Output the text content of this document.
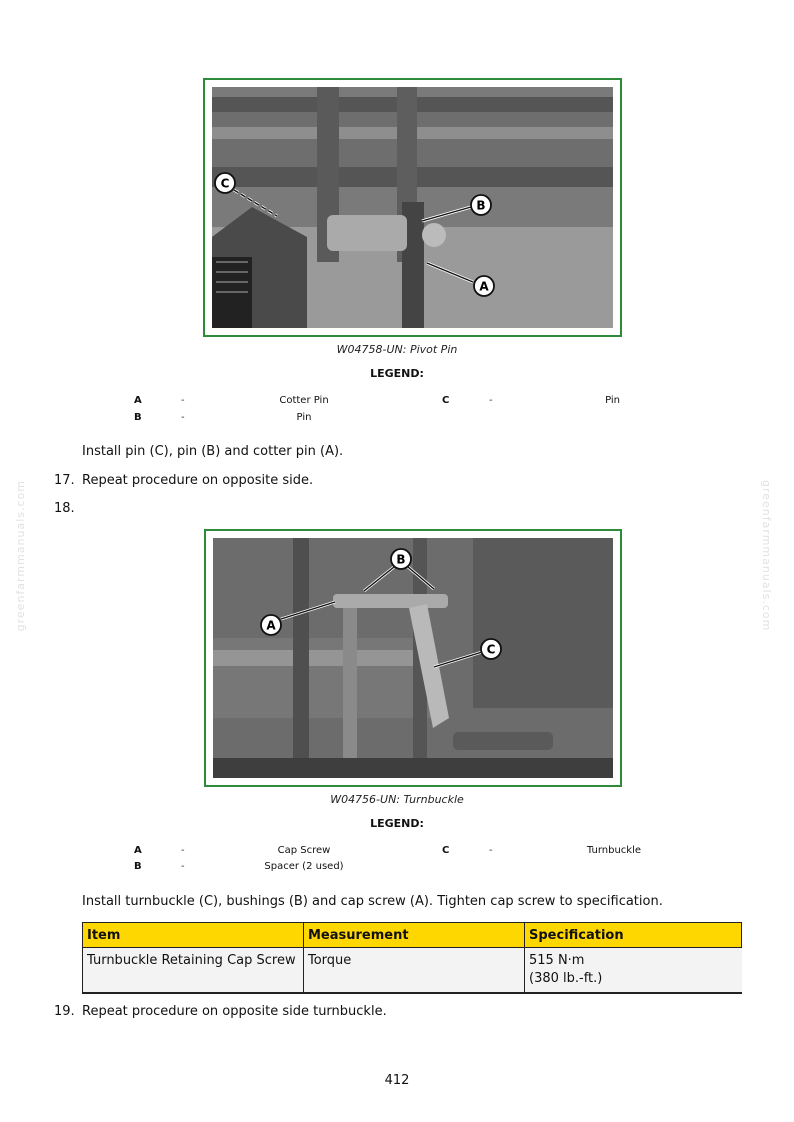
greenfarmmanuals.com	greenfarmmanuals.com
C
B
A
W04758-UN: Pivot Pin
LEGEND:
A	-	Cotter Pin
B	-	Pin
C	-	Pin
Install pin (C), pin (B) and cotter pin (A).
17. Repeat procedure on opposite side.
18.
A
B
C
W04756-UN: Turnbuckle
LEGEND:
A	-	Cap Screw
B	-	Spacer (2 used)
C	-	Turnbuckle
Install turnbuckle (C), bushings (B) and cap screw (A). Tighten cap screw to specification.
Item	Measurement	Specification
Turnbuckle Retaining Cap Screw	Torque	515 N·m
(380 lb.-ft.)
19. Repeat procedure on opposite side turnbuckle.
412
